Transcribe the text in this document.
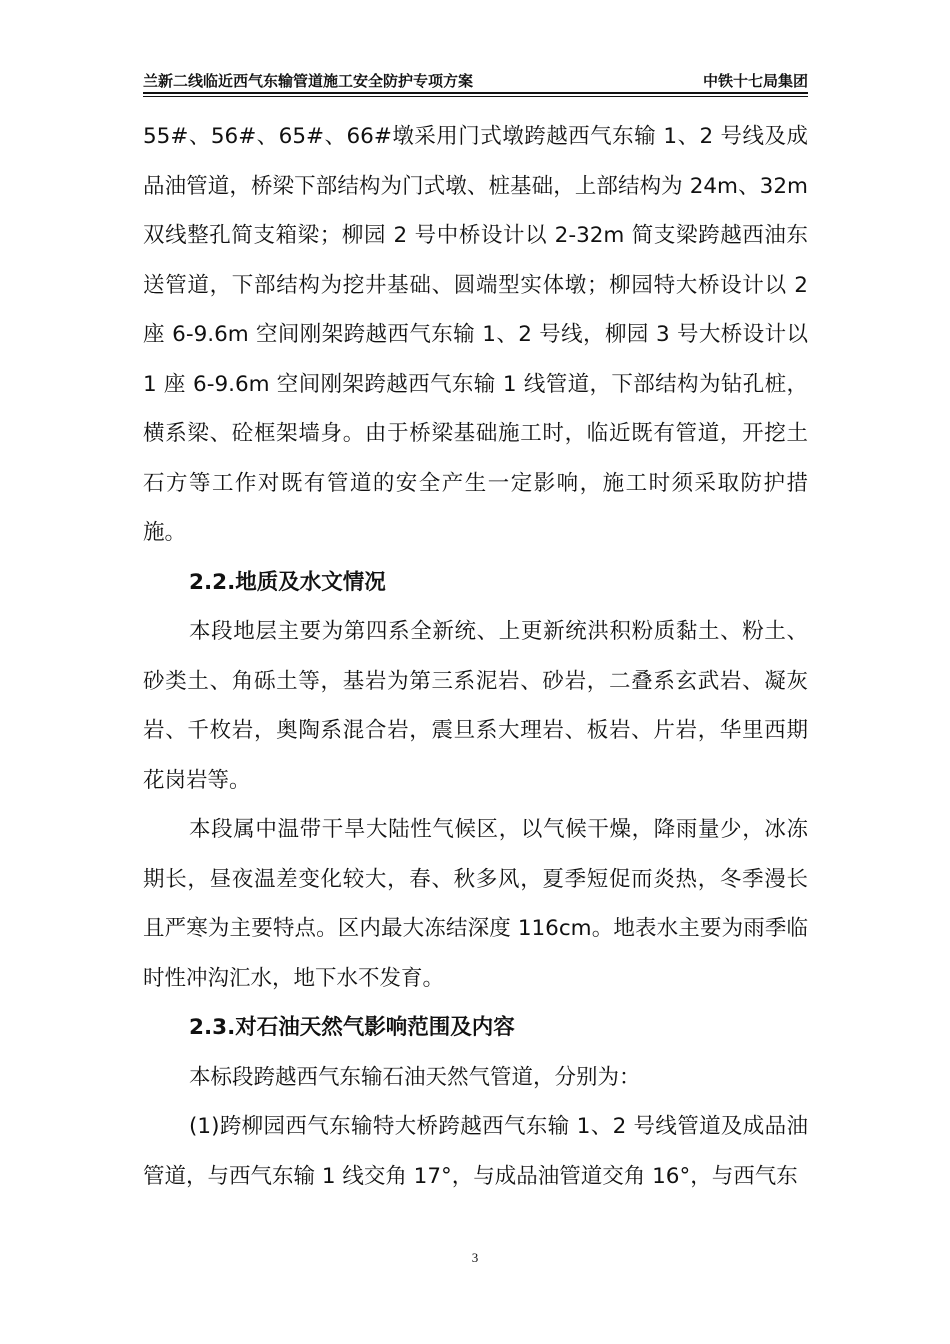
兰新二线临近西气东输管道施工安全防护专项方案	中铁十七局集团

55#、56#、65#、66#墩采用门式墩跨越西气东输 1、2 号线及成品油管道，桥梁下部结构为门式墩、桩基础，上部结构为 24m、32m 双线整孔简支箱梁；柳园 2 号中桥设计以 2-32m 简支梁跨越西油东送管道，下部结构为挖井基础、圆端型实体墩；柳园特大桥设计以 2 座 6-9.6m 空间刚架跨越西气东输 1、2 号线，柳园 3 号大桥设计以 1 座 6-9.6m 空间刚架跨越西气东输 1 线管道，下部结构为钻孔桩，横系梁、砼框架墙身。由于桥梁基础施工时，临近既有管道，开挖土石方等工作对既有管道的安全产生一定影响，施工时须采取防护措施。

2.2.地质及水文情况

本段地层主要为第四系全新统、上更新统洪积粉质黏土、粉土、砂类土、角砾土等，基岩为第三系泥岩、砂岩，二叠系玄武岩、凝灰岩、千枚岩，奥陶系混合岩，震旦系大理岩、板岩、片岩，华里西期花岗岩等。

本段属中温带干旱大陆性气候区，以气候干燥，降雨量少，冰冻期长，昼夜温差变化较大，春、秋多风，夏季短促而炎热，冬季漫长且严寒为主要特点。区内最大冻结深度 116cm。地表水主要为雨季临时性冲沟汇水，地下水不发育。

2.3.对石油天然气影响范围及内容

本标段跨越西气东输石油天然气管道，分别为：

(1)跨柳园西气东输特大桥跨越西气东输 1、2 号线管道及成品油管道，与西气东输 1 线交角 17°，与成品油管道交角 16°，与西气东

3
